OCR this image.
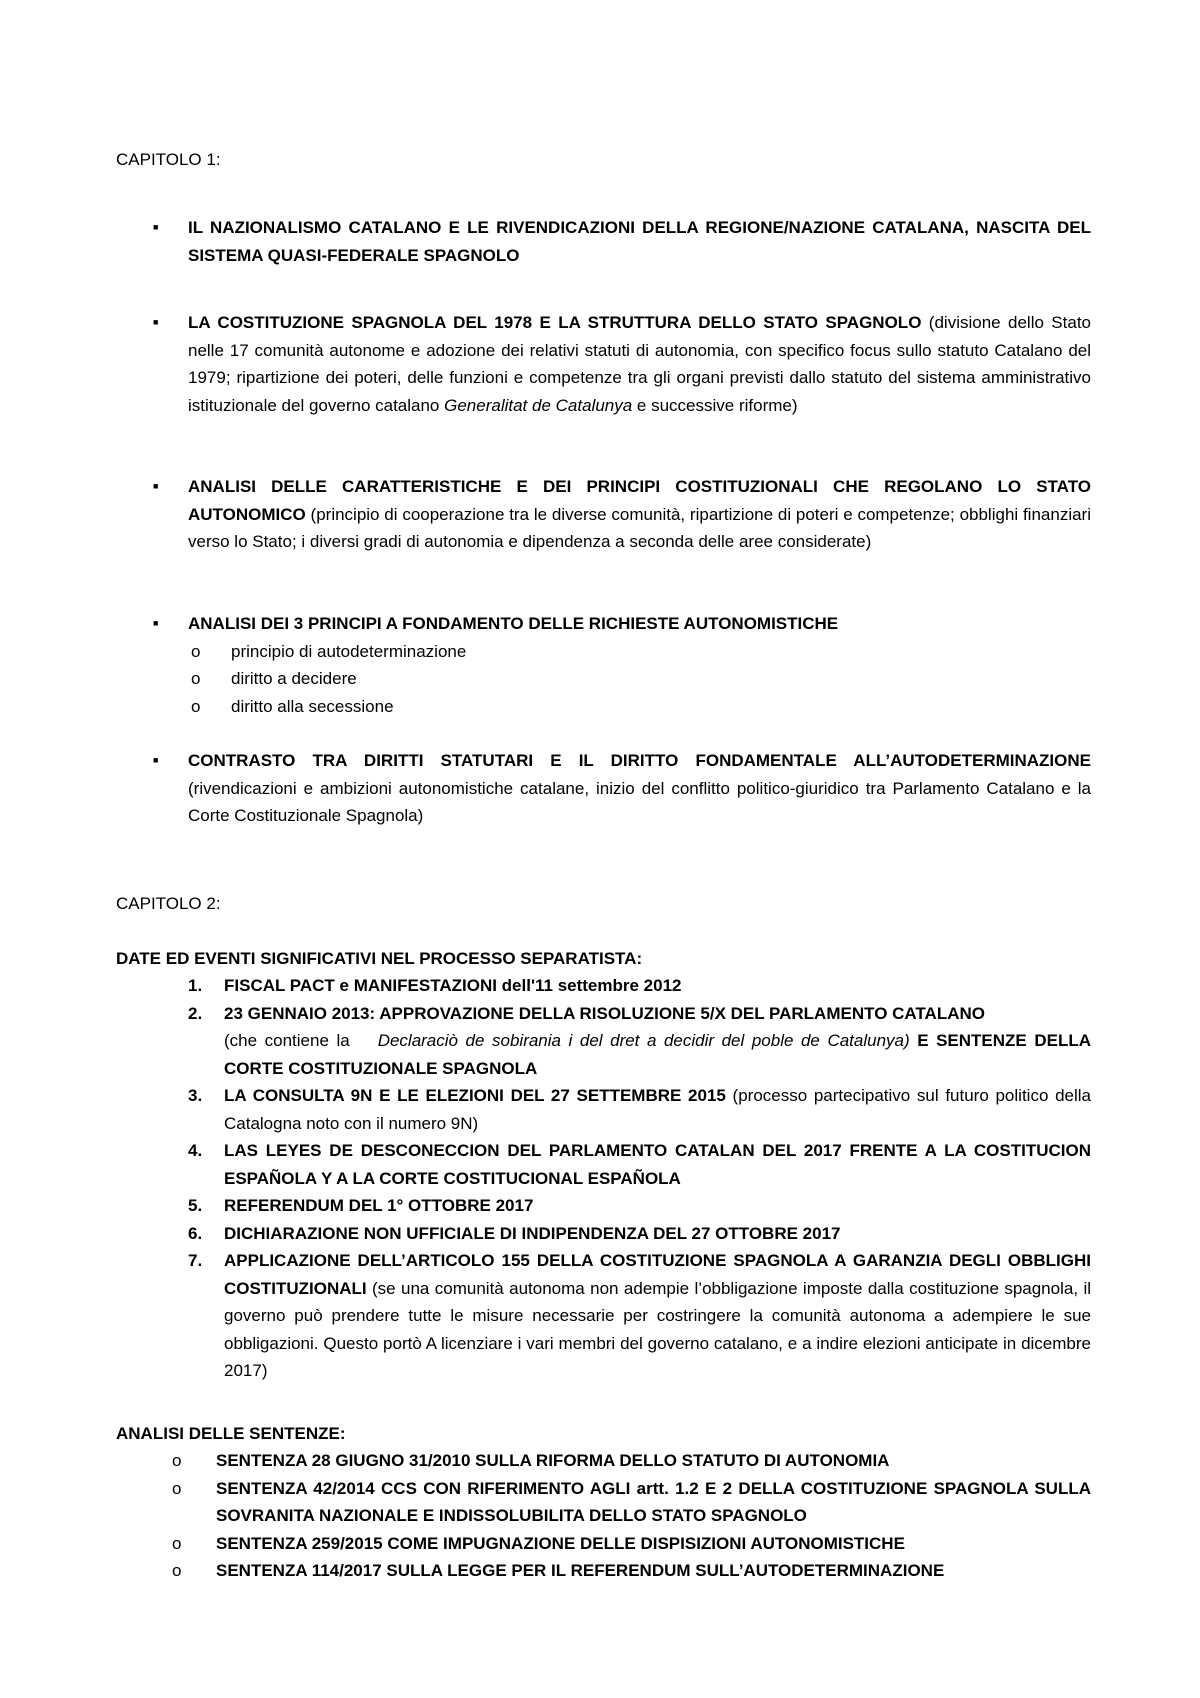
CAPITOLO 1:
■ IL NAZIONALISMO CATALANO E LE RIVENDICAZIONI DELLA REGIONE/NAZIONE CATALANA, NASCITA DEL SISTEMA QUASI-FEDERALE SPAGNOLO
■ LA COSTITUZIONE SPAGNOLA DEL 1978 E LA STRUTTURA DELLO STATO SPAGNOLO (divisione dello Stato nelle 17 comunità autonome e adozione dei relativi statuti di autonomia, con specifico focus sullo statuto Catalano del 1979; ripartizione dei poteri, delle funzioni e competenze tra gli organi previsti dallo statuto del sistema amministrativo istituzionale del governo catalano Generalitat de Catalunya e successive riforme)
■ ANALISI DELLE CARATTERISTICHE E DEI PRINCIPI COSTITUZIONALI CHE REGOLANO LO STATO AUTONOMICO (principio di cooperazione tra le diverse comunità, ripartizione di poteri e competenze; obblighi finanziari verso lo Stato; i diversi gradi di autonomia e dipendenza a seconda delle aree considerate)
■ ANALISI DEI 3 PRINCIPI A FONDAMENTO DELLE RICHIESTE AUTONOMISTICHE
o principio di autodeterminazione
o diritto a decidere
o diritto alla secessione
■ CONTRASTO TRA DIRITTI STATUTARI E IL DIRITTO FONDAMENTALE ALL’AUTODETERMINAZIONE (rivendicazioni e ambizioni autonomistiche catalane, inizio del conflitto politico-giuridico tra Parlamento Catalano e la Corte Costituzionale Spagnola)
CAPITOLO 2:
DATE ED EVENTI SIGNIFICATIVI NEL PROCESSO SEPARATISTA:
1. FISCAL PACT e MANIFESTAZIONI dell'11 settembre 2012
2. 23 GENNAIO 2013: APPROVAZIONE DELLA RISOLUZIONE 5/X DEL PARLAMENTO CATALANO
(che contiene la Declaraciò de sobirania i del dret a decidir del poble de Catalunya) E SENTENZE DELLA CORTE COSTITUZIONALE SPAGNOLA
3. LA CONSULTA 9N E LE ELEZIONI DEL 27 SETTEMBRE 2015 (processo partecipativo sul futuro politico della Catalogna noto con il numero 9N)
4. LAS LEYES DE DESCONECCION DEL PARLAMENTO CATALAN DEL 2017 FRENTE A LA COSTITUCION ESPAÑOLA Y A LA CORTE COSTITUCIONAL ESPAÑOLA
5. REFERENDUM DEL 1° OTTOBRE 2017
6. DICHIARAZIONE NON UFFICIALE DI INDIPENDENZA DEL 27 OTTOBRE 2017
7. APPLICAZIONE DELL’ARTICOLO 155 DELLA COSTITUZIONE SPAGNOLA A GARANZIA DEGLI OBBLIGHI COSTITUZIONALI (se una comunità autonoma non adempie l’obbligazione imposte dalla costituzione spagnola, il governo può prendere tutte le misure necessarie per costringere la comunità autonoma a adempiere le sue obbligazioni. Questo portò A licenziare i vari membri del governo catalano, e a indire elezioni anticipate in dicembre 2017)
ANALISI DELLE SENTENZE:
o SENTENZA 28 GIUGNO 31/2010 SULLA RIFORMA DELLO STATUTO DI AUTONOMIA
o SENTENZA 42/2014 CCS CON RIFERIMENTO AGLI artt. 1.2 E 2 DELLA COSTITUZIONE SPAGNOLA SULLA SOVRANITA NAZIONALE E INDISSOLUBILITA DELLO STATO SPAGNOLO
o SENTENZA 259/2015 COME IMPUGNAZIONE DELLE DISPISIZIONI AUTONOMISTICHE
o SENTENZA 114/2017 SULLA LEGGE PER IL REFERENDUM SULL’AUTODETERMINAZIONE
